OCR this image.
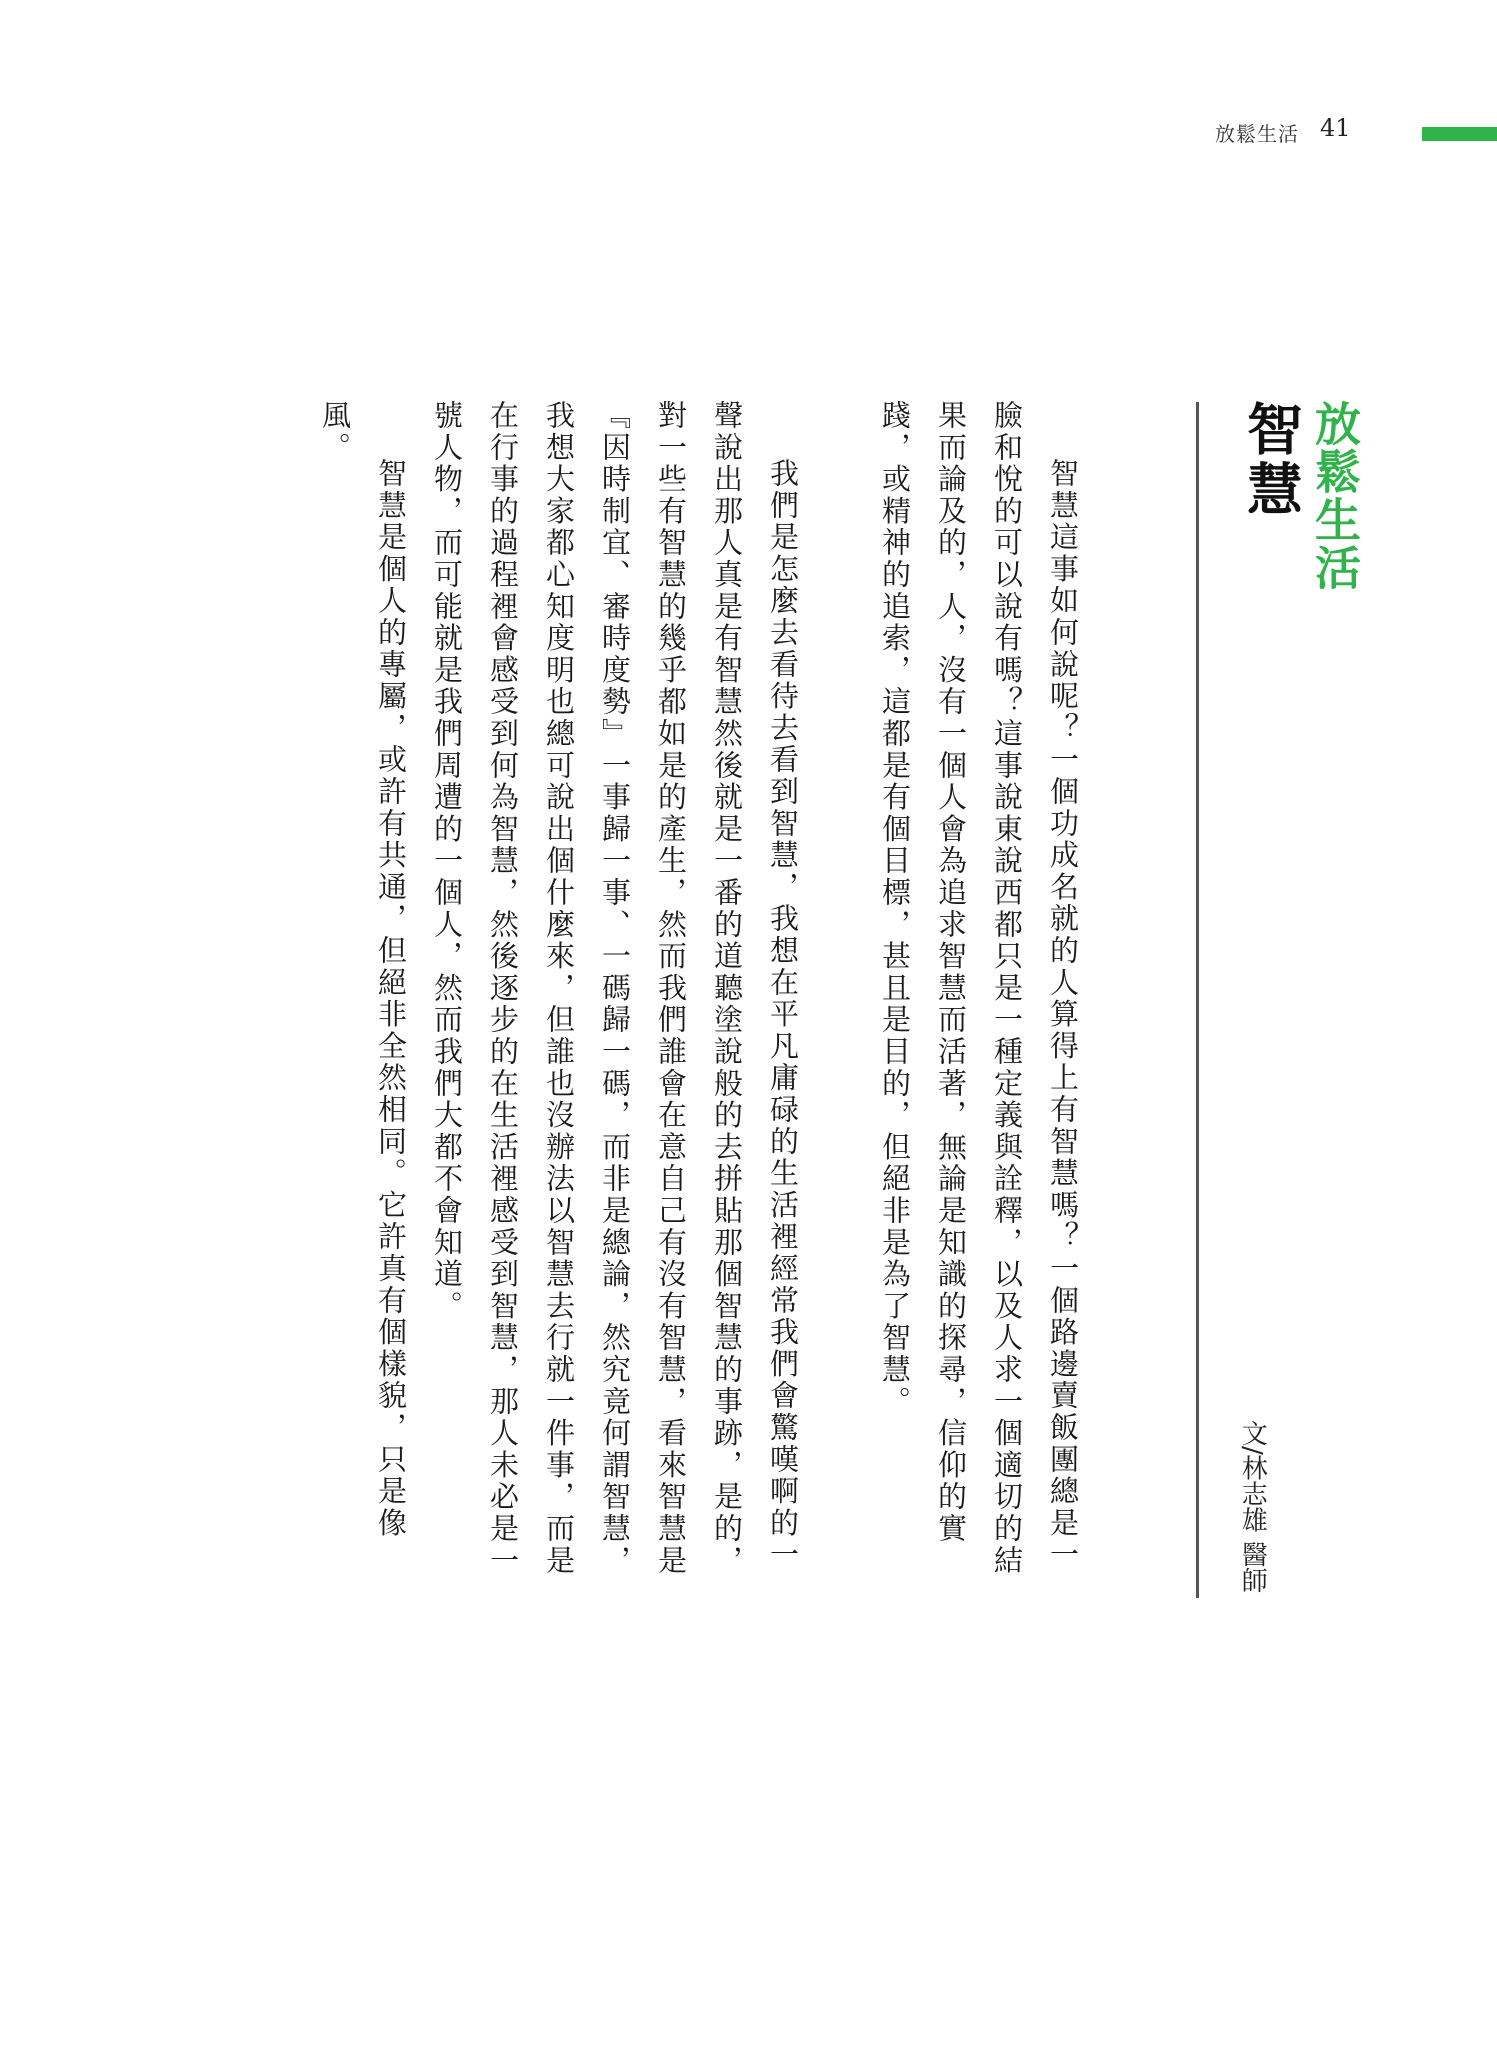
放鬆生活 41
放鬆生活
智慧
文/林志雄 醫師

智慧這事如何說呢？一個功成名就的人算得上有智慧嗎？一個路邊賣飯團總是一臉和悅的可以說有嗎？這事說東說西都只是一種定義與詮釋，以及人求一個適切的結果而論及的，人，沒有一個人會為追求智慧而活著，無論是知識的探尋，信仰的實踐，或精神的追索，這都是有個目標，甚且是目的，但絕非是為了智慧。

我們是怎麼去看待去看到智慧，我想在平凡庸碌的生活裡經常我們會驚嘆啊的一聲說出那人真是有智慧然後就是一番的道聽塗說般的去拼貼那個智慧的事跡，是的，對一些有智慧的幾乎都如是的產生，然而我們誰會在意自己有沒有智慧，看來智慧是『因時制宜、審時度勢』一事歸一事、一碼歸一碼，而非是總論，然究竟何謂智慧，我想大家都心知度明也總可說出個什麼來，但誰也沒辦法以智慧去行就一件事，而是在行事的過程裡會感受到何為智慧，然後逐步的在生活裡感受到智慧，那人未必是一號人物，而可能就是我們周遭的一個人，然而我們大都不會知道。

智慧是個人的專屬，或許有共通，但絕非全然相同。它許真有個樣貌，只是像風。
